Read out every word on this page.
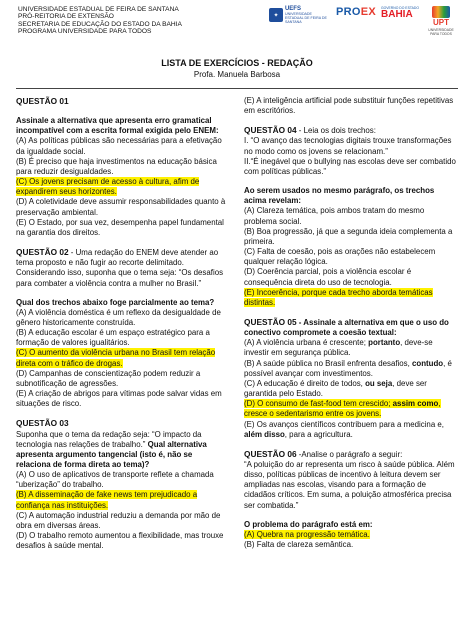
UNIVERSIDADE ESTADUAL DE FEIRA DE SANTANA
PRÓ-REITORIA DE EXTENSÃO
SECRETARIA DE EDUCAÇÃO DO ESTADO DA BAHIA
PROGRAMA UNIVERSIDADE PARA TODOS
✦
UEFS
UNIVERSIDADE ESTADUAL DE FEIRA DE SANTANA
PROEX GOVERNO DO ESTADO
BAHIA
UPT
UNIVERSIDADE PARA TODOS
LISTA DE EXERCÍCIOS - REDAÇÃO
Profa. Manuela Barbosa

QUESTÃO 01

Assinale a alternativa que apresenta erro gramatical incompatível com a escrita formal exigida pelo ENEM:

(A) As políticas públicas são necessárias para a efetivação da igualdade social.

(B) É preciso que haja investimentos na educação básica para reduzir desigualdades.

(C) Os jovens precisam de acesso à cultura, afim de expandirem seus horizontes.

(D) A coletividade deve assumir responsabilidades quanto à preservação ambiental.

(E) O Estado, por sua vez, desempenha papel fundamental na garantia dos direitos.

QUESTÃO 02 - Uma redação do ENEM deve atender ao tema proposto e não fugir ao recorte delimitado. Considerando isso, suponha que o tema seja: “Os desafios para combater a violência contra a mulher no Brasil.”

Qual dos trechos abaixo foge parcialmente ao tema?

(A) A violência doméstica é um reflexo da desigualdade de gênero historicamente construída.

(B) A educação escolar é um espaço estratégico para a formação de valores igualitários.

(C) O aumento da violência urbana no Brasil tem relação direta com o tráfico de drogas.

(D) Campanhas de conscientização podem reduzir a subnotificação de agressões.

(E) A criação de abrigos para vítimas pode salvar vidas em situações de risco.

QUESTÃO 03

Suponha que o tema da redação seja: “O impacto da tecnologia nas relações de trabalho.” Qual alternativa apresenta argumento tangencial (isto é, não se relaciona de forma direta ao tema)?

(A) O uso de aplicativos de transporte reflete a chamada “uberização” do trabalho.

(B) A disseminação de fake news tem prejudicado a confiança nas instituições.

(C) A automação industrial reduziu a demanda por mão de obra em diversas áreas.

(D) O trabalho remoto aumentou a flexibilidade, mas trouxe desafios à saúde mental.

(E) A inteligência artificial pode substituir funções repetitivas em escritórios.

QUESTÃO 04 - Leia os dois trechos:

I. “O avanço das tecnologias digitais trouxe transformações no modo como os jovens se relacionam.”

II.“É inegável que o bullying nas escolas deve ser combatido com políticas públicas.”

Ao serem usados no mesmo parágrafo, os trechos acima revelam:

(A) Clareza temática, pois ambos tratam do mesmo problema social.

(B) Boa progressão, já que a segunda ideia complementa a primeira.

(C) Falta de coesão, pois as orações não estabelecem qualquer relação lógica.

(D) Coerência parcial, pois a violência escolar é consequência direta do uso de tecnologia.

(E) Incoerência, porque cada trecho aborda temáticas distintas.

QUESTÃO 05 - Assinale a alternativa em que o uso do conectivo compromete a coesão textual:

(A) A violência urbana é crescente; portanto, deve-se investir em segurança pública.

(B) A saúde pública no Brasil enfrenta desafios, contudo, é possível avançar com investimentos.

(C) A educação é direito de todos, ou seja, deve ser garantida pelo Estado.

(D) O consumo de fast-food tem crescido; assim como, cresce o sedentarismo entre os jovens.

(E) Os avanços científicos contribuem para a medicina e, além disso, para a agricultura.

QUESTÃO 06 -Analise o parágrafo a seguir:

“A poluição do ar representa um risco à saúde pública. Além disso, políticas públicas de incentivo à leitura devem ser ampliadas nas escolas, visando para a formação de cidadãos críticos. Em suma, a poluição atmosférica precisa ser combatida.”

O problema do parágrafo está em:

(A) Quebra na progressão temática.

(B) Falta de clareza semântica.
